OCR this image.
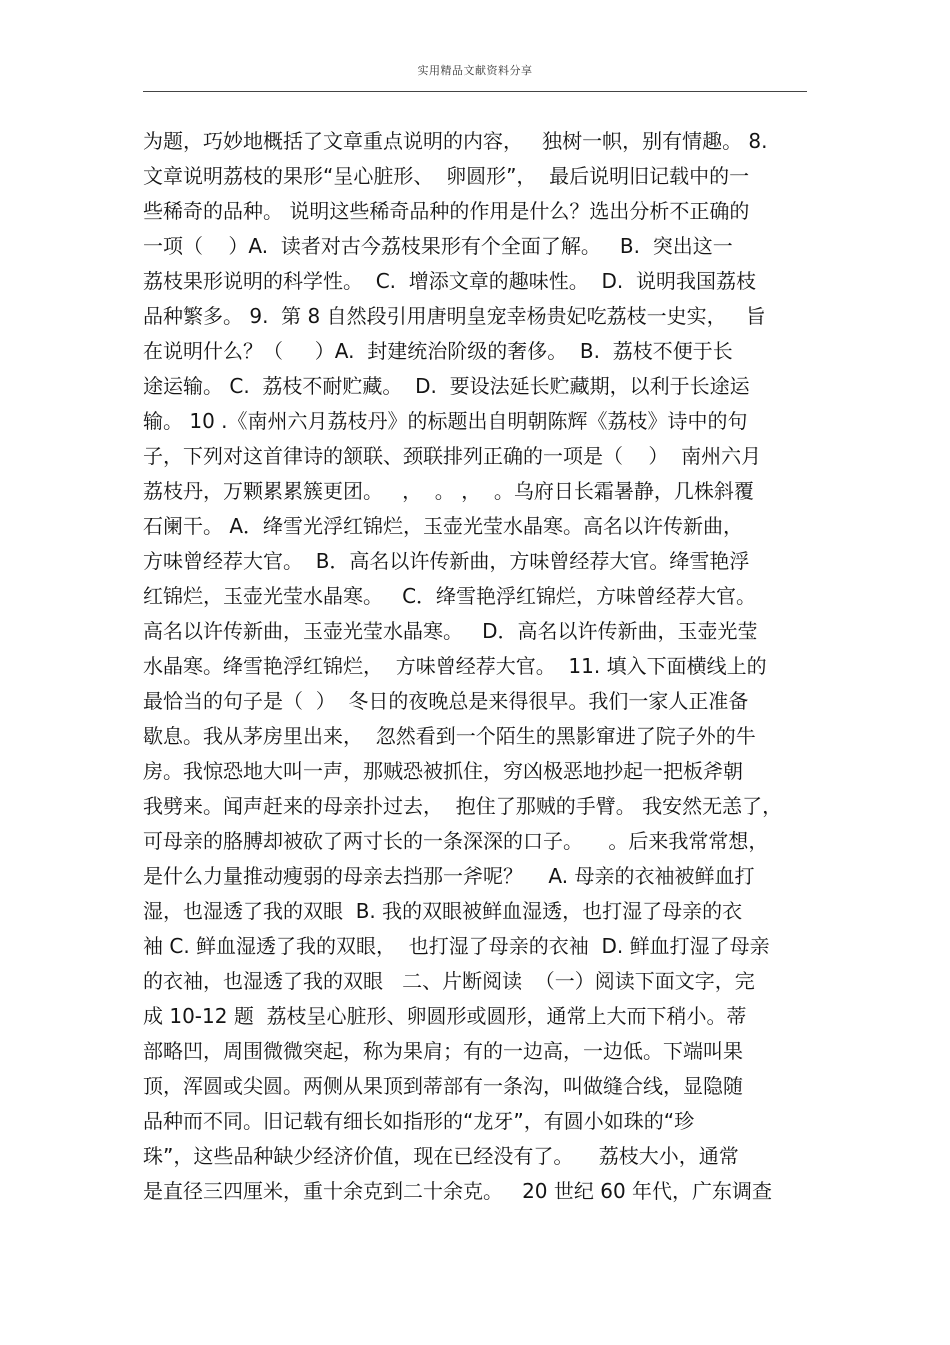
实用精品文献资料分享
为题，巧妙地概括了文章重点说明的内容，   独树一帜，别有情趣。 8.
文章说明荔枝的果形“呈心脏形、  卵圆形”，  最后说明旧记载中的一
些稀奇的品种。 说明这些稀奇品种的作用是什么？选出分析不正确的
一项（    ）A.  读者对古今荔枝果形有个全面了解。   B.  突出这一
荔枝果形说明的科学性。  C.  增添文章的趣味性。  D.  说明我国荔枝
品种繁多。 9.  第 8 自然段引用唐明皇宠幸杨贵妃吃荔枝一史实，   旨
在说明什么？（     ）A.  封建统治阶级的奢侈。  B.  荔枝不便于长
途运输。 C.  荔枝不耐贮藏。  D.  要设法延长贮藏期，以利于长途运
输。 10 .《南州六月荔枝丹》的标题出自明朝陈辉《荔枝》诗中的句
子，下列对这首律诗的颔联、颈联排列正确的一项是（    ）  南州六月
荔枝丹，万颗累累簇更团。   ，  。 ，  。乌府日长霜暑静，几株斜覆
石阑干。 A．绛雪光浮红锦烂，玉壶光莹水晶寒。高名以许传新曲，
方味曾经荐大官。  B．高名以许传新曲，方味曾经荐大官。绛雪艳浮
红锦烂，玉壶光莹水晶寒。   C．绛雪艳浮红锦烂，方味曾经荐大官。
高名以许传新曲，玉壶光莹水晶寒。   D．高名以许传新曲，玉壶光莹
水晶寒。绛雪艳浮红锦烂，  方味曾经荐大官。  11. 填入下面横线上的
最恰当的句子是（  ）  冬日的夜晚总是来得很早。我们一家人正准备
歇息。我从茅房里出来，  忽然看到一个陌生的黑影窜进了院子外的牛
房。我惊恐地大叫一声，那贼恐被抓住，穷凶极恶地抄起一把板斧朝
我劈来。闻声赶来的母亲扑过去，  抱住了那贼的手臂。 我安然无恙了，
可母亲的胳膊却被砍了两寸长的一条深深的口子。    。后来我常常想，
是什么力量推动瘦弱的母亲去挡那一斧呢？    A. 母亲的衣袖被鲜血打
湿，也湿透了我的双眼  B. 我的双眼被鲜血湿透，也打湿了母亲的衣
袖 C. 鲜血湿透了我的双眼，  也打湿了母亲的衣袖  D. 鲜血打湿了母亲
的衣袖，也湿透了我的双眼   二、片断阅读  （一）阅读下面文字，完
成 10-12 题  荔枝呈心脏形、卵圆形或圆形，通常上大而下稍小。蒂
部略凹，周围微微突起，称为果肩；有的一边高，一边低。下端叫果
顶，浑圆或尖圆。两侧从果顶到蒂部有一条沟，叫做缝合线，显隐随
品种而不同。旧记载有细长如指形的“龙牙”，有圆小如珠的“珍
珠”，这些品种缺少经济价值，现在已经没有了。    荔枝大小，通常
是直径三四厘米，重十余克到二十余克。   20 世纪 60 年代，广东调查
